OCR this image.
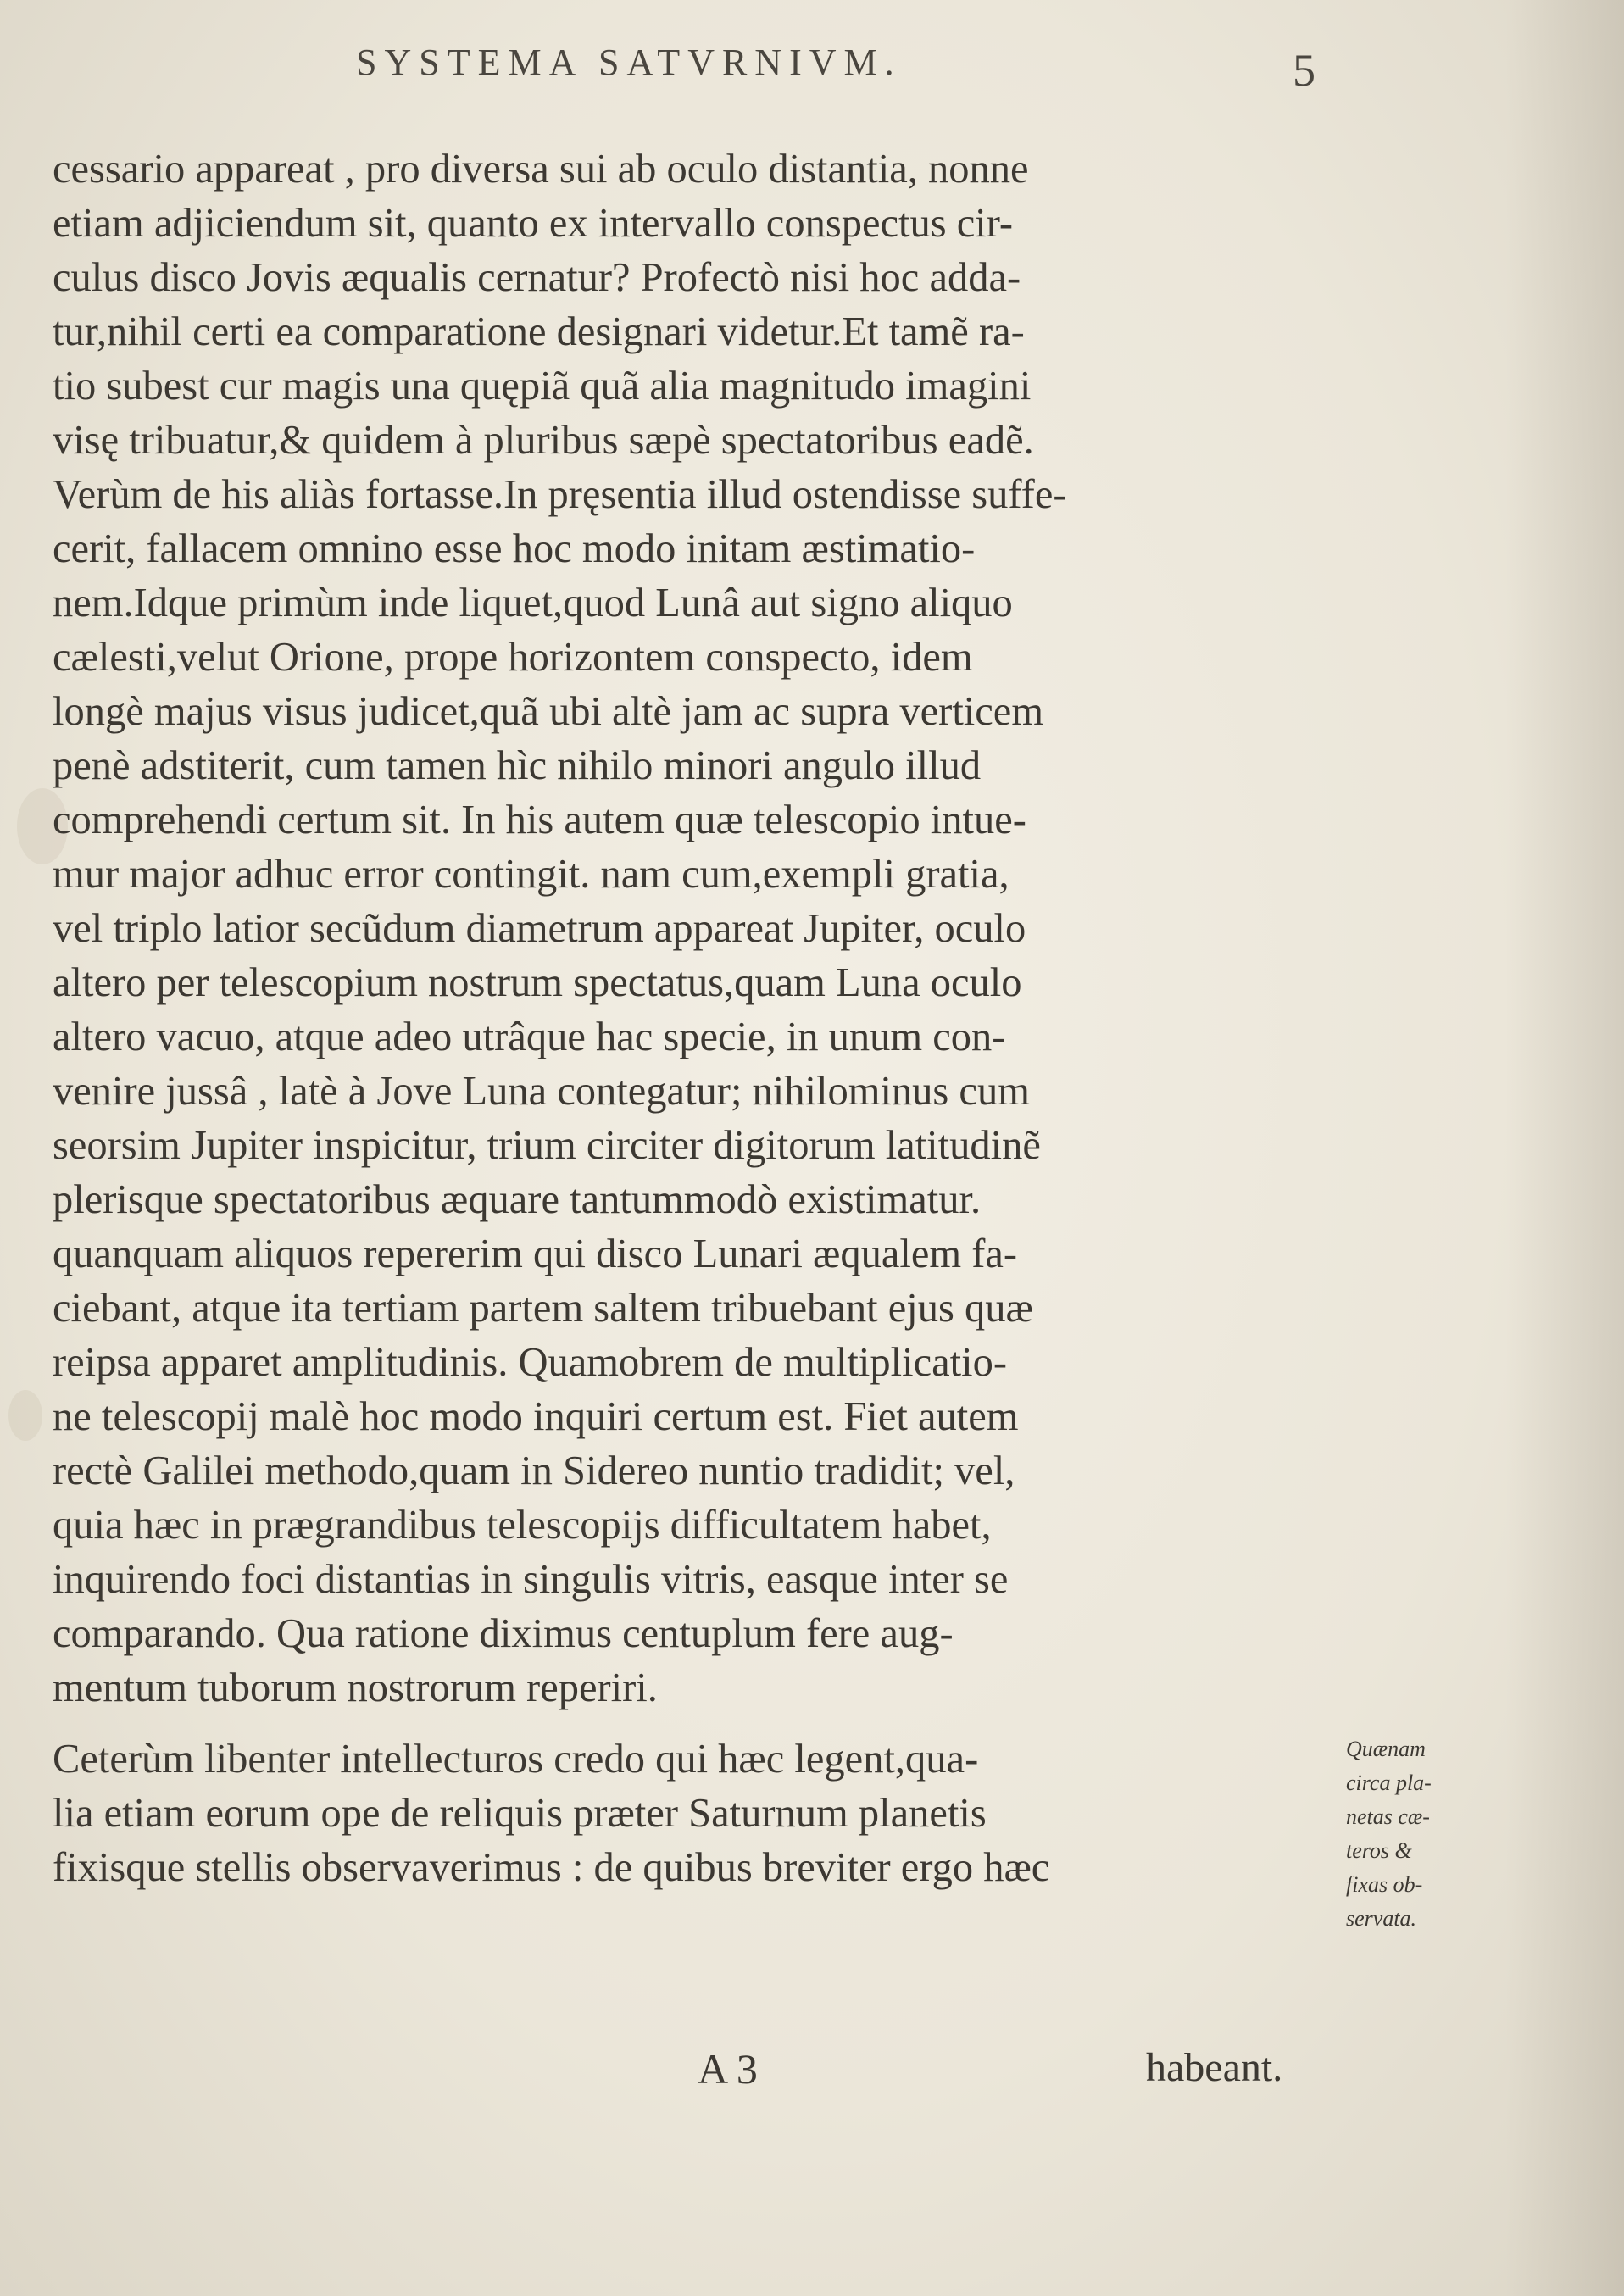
SYSTEMA SATVRNIVM.	5
cessario appareat , pro diversa sui ab oculo distantia, nonne
etiam adjiciendum sit, quanto ex intervallo conspectus cir-
culus disco Jovis æqualis cernatur? Profectò nisi hoc adda-
tur,nihil certi ea comparatione designari videtur.Et tamẽ ra-
tio subest cur magis una quępiã quã alia magnitudo imagini
visę tribuatur,& quidem à pluribus sæpè spectatoribus eadẽ.
Verùm de his aliàs fortasse.In pręsentia illud ostendisse suffe-
cerit, fallacem omnino esse hoc modo initam æstimatio-
nem.Idque primùm inde liquet,quod Lunâ aut signo aliquo
cælesti,velut Orione, prope horizontem conspecto, idem
longè majus visus judicet,quã ubi altè jam ac supra verticem
penè adstiterit, cum tamen hìc nihilo minori angulo illud
comprehendi certum sit. In his autem quæ telescopio intue-
mur major adhuc error contingit. nam cum,exempli gratia,
vel triplo latior secũdum diametrum appareat Jupiter, oculo
altero per telescopium nostrum spectatus,quam Luna oculo
altero vacuo, atque adeo utrâque hac specie, in unum con-
venire jussâ , latè à Jove Luna contegatur; nihilominus cum
seorsim Jupiter inspicitur, trium circiter digitorum latitudinẽ
plerisque spectatoribus æquare tantummodò existimatur.
quanquam aliquos repererim qui disco Lunari æqualem fa-
ciebant, atque ita tertiam partem saltem tribuebant ejus quæ
reipsa apparet amplitudinis. Quamobrem de multiplicatio-
ne telescopij malè hoc modo inquiri certum est. Fiet autem
rectè Galilei methodo,quam in Sidereo nuntio tradidit; vel,
quia hæc in prægrandibus telescopijs difficultatem habet,
inquirendo foci distantias in singulis vitris, easque inter se
comparando. Qua ratione diximus centuplum fere aug-
mentum tuborum nostrorum reperiri.
Ceterùm libenter intellecturos credo qui hæc legent,qua-
lia etiam eorum ope de reliquis præter Saturnum planetis
fixisque stellis observaverimus : de quibus breviter ergo hæc
Quænam
circa pla-
netas cæ-
teros &
fixas ob-
servata.
A 3	habeant.
